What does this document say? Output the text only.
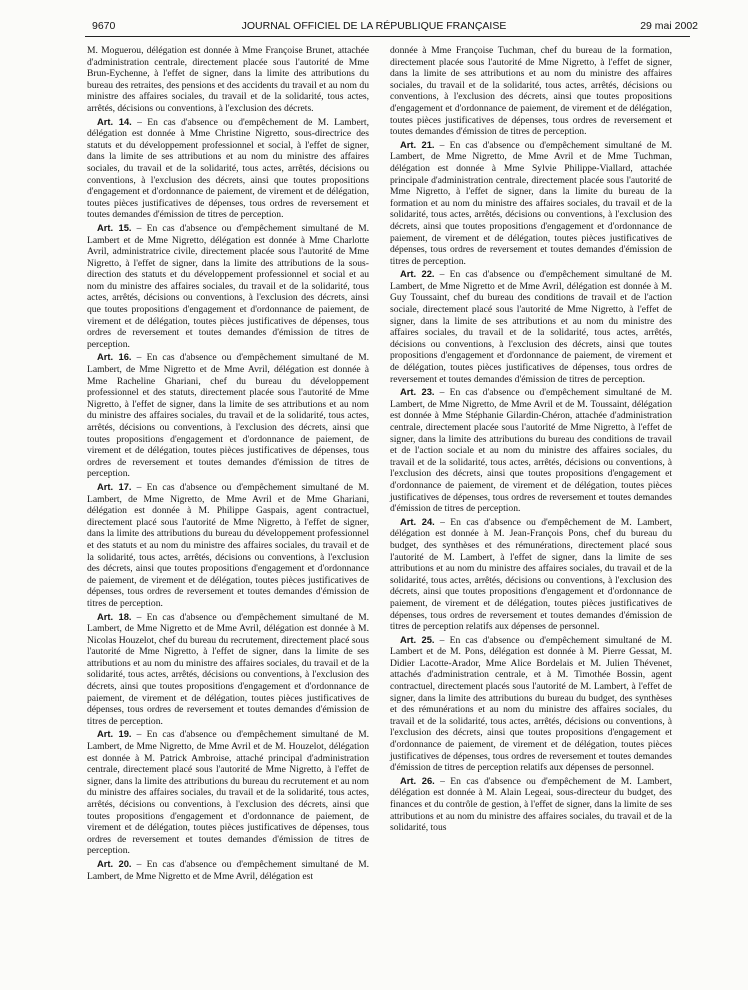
9670	JOURNAL OFFICIEL DE LA RÉPUBLIQUE FRANÇAISE	29 mai 2002

M. Moguerou, délégation est donnée à Mme Françoise Brunet, attachée d'administration centrale, directement placée sous l'autorité de Mme Brun-Eychenne, à l'effet de signer, dans la limite des attributions du bureau des retraites, des pensions et des accidents du travail et au nom du ministre des affaires sociales, du travail et de la solidarité, tous actes, arrêtés, décisions ou conventions, à l'exclusion des décrets.

Art. 14. – En cas d'absence ou d'empêchement de M. Lambert, délégation est donnée à Mme Christine Nigretto, sous-directrice des statuts et du développement professionnel et social, à l'effet de signer, dans la limite de ses attributions et au nom du ministre des affaires sociales, du travail et de la solidarité, tous actes, arrêtés, décisions ou conventions, à l'exclusion des décrets, ainsi que toutes propositions d'engagement et d'ordonnance de paiement, de virement et de délégation, toutes pièces justificatives de dépenses, tous ordres de reversement et toutes demandes d'émission de titres de perception.

Art. 15. – En cas d'absence ou d'empêchement simultané de M. Lambert et de Mme Nigretto, délégation est donnée à Mme Charlotte Avril, administratrice civile, directement placée sous l'autorité de Mme Nigretto, à l'effet de signer, dans la limite des attributions de la sous-direction des statuts et du développement professionnel et social et au nom du ministre des affaires sociales, du travail et de la solidarité, tous actes, arrêtés, décisions ou conventions, à l'exclusion des décrets, ainsi que toutes propositions d'engagement et d'ordonnance de paiement, de virement et de délégation, toutes pièces justificatives de dépenses, tous ordres de reversement et toutes demandes d'émission de titres de perception.

Art. 16. – En cas d'absence ou d'empêchement simultané de M. Lambert, de Mme Nigretto et de Mme Avril, délégation est donnée à Mme Racheline Ghariani, chef du bureau du développement professionnel et des statuts, directement placée sous l'autorité de Mme Nigretto, à l'effet de signer, dans la limite de ses attributions et au nom du ministre des affaires sociales, du travail et de la solidarité, tous actes, arrêtés, décisions ou conventions, à l'exclusion des décrets, ainsi que toutes propositions d'engagement et d'ordonnance de paiement, de virement et de délégation, toutes pièces justificatives de dépenses, tous ordres de reversement et toutes demandes d'émission de titres de perception.

Art. 17. – En cas d'absence ou d'empêchement simultané de M. Lambert, de Mme Nigretto, de Mme Avril et de Mme Ghariani, délégation est donnée à M. Philippe Gaspais, agent contractuel, directement placé sous l'autorité de Mme Nigretto, à l'effet de signer, dans la limite des attributions du bureau du développement professionnel et des statuts et au nom du ministre des affaires sociales, du travail et de la solidarité, tous actes, arrêtés, décisions ou conventions, à l'exclusion des décrets, ainsi que toutes propositions d'engagement et d'ordonnance de paiement, de virement et de délégation, toutes pièces justificatives de dépenses, tous ordres de reversement et toutes demandes d'émission de titres de perception.

Art. 18. – En cas d'absence ou d'empêchement simultané de M. Lambert, de Mme Nigretto et de Mme Avril, délégation est donnée à M. Nicolas Houzelot, chef du bureau du recrutement, directement placé sous l'autorité de Mme Nigretto, à l'effet de signer, dans la limite de ses attributions et au nom du ministre des affaires sociales, du travail et de la solidarité, tous actes, arrêtés, décisions ou conventions, à l'exclusion des décrets, ainsi que toutes propositions d'engagement et d'ordonnance de paiement, de virement et de délégation, toutes pièces justificatives de dépenses, tous ordres de reversement et toutes demandes d'émission de titres de perception.

Art. 19. – En cas d'absence ou d'empêchement simultané de M. Lambert, de Mme Nigretto, de Mme Avril et de M. Houzelot, délégation est donnée à M. Patrick Ambroise, attaché principal d'administration centrale, directement placé sous l'autorité de Mme Nigretto, à l'effet de signer, dans la limite des attributions du bureau du recrutement et au nom du ministre des affaires sociales, du travail et de la solidarité, tous actes, arrêtés, décisions ou conventions, à l'exclusion des décrets, ainsi que toutes propositions d'engagement et d'ordonnance de paiement, de virement et de délégation, toutes pièces justificatives de dépenses, tous ordres de reversement et toutes demandes d'émission de titres de perception.

Art. 20. – En cas d'absence ou d'empêchement simultané de M. Lambert, de Mme Nigretto et de Mme Avril, délégation est

donnée à Mme Françoise Tuchman, chef du bureau de la formation, directement placée sous l'autorité de Mme Nigretto, à l'effet de signer, dans la limite de ses attributions et au nom du ministre des affaires sociales, du travail et de la solidarité, tous actes, arrêtés, décisions ou conventions, à l'exclusion des décrets, ainsi que toutes propositions d'engagement et d'ordonnance de paiement, de virement et de délégation, toutes pièces justificatives de dépenses, tous ordres de reversement et toutes demandes d'émission de titres de perception.

Art. 21. – En cas d'absence ou d'empêchement simultané de M. Lambert, de Mme Nigretto, de Mme Avril et de Mme Tuchman, délégation est donnée à Mme Sylvie Philippe-Viallard, attachée principale d'administration centrale, directement placée sous l'autorité de Mme Nigretto, à l'effet de signer, dans la limite du bureau de la formation et au nom du ministre des affaires sociales, du travail et de la solidarité, tous actes, arrêtés, décisions ou conventions, à l'exclusion des décrets, ainsi que toutes propositions d'engagement et d'ordonnance de paiement, de virement et de délégation, toutes pièces justificatives de dépenses, tous ordres de reversement et toutes demandes d'émission de titres de perception.

Art. 22. – En cas d'absence ou d'empêchement simultané de M. Lambert, de Mme Nigretto et de Mme Avril, délégation est donnée à M. Guy Toussaint, chef du bureau des conditions de travail et de l'action sociale, directement placé sous l'autorité de Mme Nigretto, à l'effet de signer, dans la limite de ses attributions et au nom du ministre des affaires sociales, du travail et de la solidarité, tous actes, arrêtés, décisions ou conventions, à l'exclusion des décrets, ainsi que toutes propositions d'engagement et d'ordonnance de paiement, de virement et de délégation, toutes pièces justificatives de dépenses, tous ordres de reversement et toutes demandes d'émission de titres de perception.

Art. 23. – En cas d'absence ou d'empêchement simultané de M. Lambert, de Mme Nigretto, de Mme Avril et de M. Toussaint, délégation est donnée à Mme Stéphanie Gilardin-Chéron, attachée d'administration centrale, directement placée sous l'autorité de Mme Nigretto, à l'effet de signer, dans la limite des attributions du bureau des conditions de travail et de l'action sociale et au nom du ministre des affaires sociales, du travail et de la solidarité, tous actes, arrêtés, décisions ou conventions, à l'exclusion des décrets, ainsi que toutes propositions d'engagement et d'ordonnance de paiement, de virement et de délégation, toutes pièces justificatives de dépenses, tous ordres de reversement et toutes demandes d'émission de titres de perception.

Art. 24. – En cas d'absence ou d'empêchement de M. Lambert, délégation est donnée à M. Jean-François Pons, chef du bureau du budget, des synthèses et des rémunérations, directement placé sous l'autorité de M. Lambert, à l'effet de signer, dans la limite de ses attributions et au nom du ministre des affaires sociales, du travail et de la solidarité, tous actes, arrêtés, décisions ou conventions, à l'exclusion des décrets, ainsi que toutes propositions d'engagement et d'ordonnance de paiement, de virement et de délégation, toutes pièces justificatives de dépenses, tous ordres de reversement et toutes demandes d'émission de titres de perception relatifs aux dépenses de personnel.

Art. 25. – En cas d'absence ou d'empêchement simultané de M. Lambert et de M. Pons, délégation est donnée à M. Pierre Gessat, M. Didier Lacotte-Arador, Mme Alice Bordelais et M. Julien Thévenet, attachés d'administration centrale, et à M. Timothée Bossin, agent contractuel, directement placés sous l'autorité de M. Lambert, à l'effet de signer, dans la limite des attributions du bureau du budget, des synthèses et des rémunérations et au nom du ministre des affaires sociales, du travail et de la solidarité, tous actes, arrêtés, décisions ou conventions, à l'exclusion des décrets, ainsi que toutes propositions d'engagement et d'ordonnance de paiement, de virement et de délégation, toutes pièces justificatives de dépenses, tous ordres de reversement et toutes demandes d'émission de titres de perception relatifs aux dépenses de personnel.

Art. 26. – En cas d'absence ou d'empêchement de M. Lambert, délégation est donnée à M. Alain Legeai, sous-directeur du budget, des finances et du contrôle de gestion, à l'effet de signer, dans la limite de ses attributions et au nom du ministre des affaires sociales, du travail et de la solidarité, tous
